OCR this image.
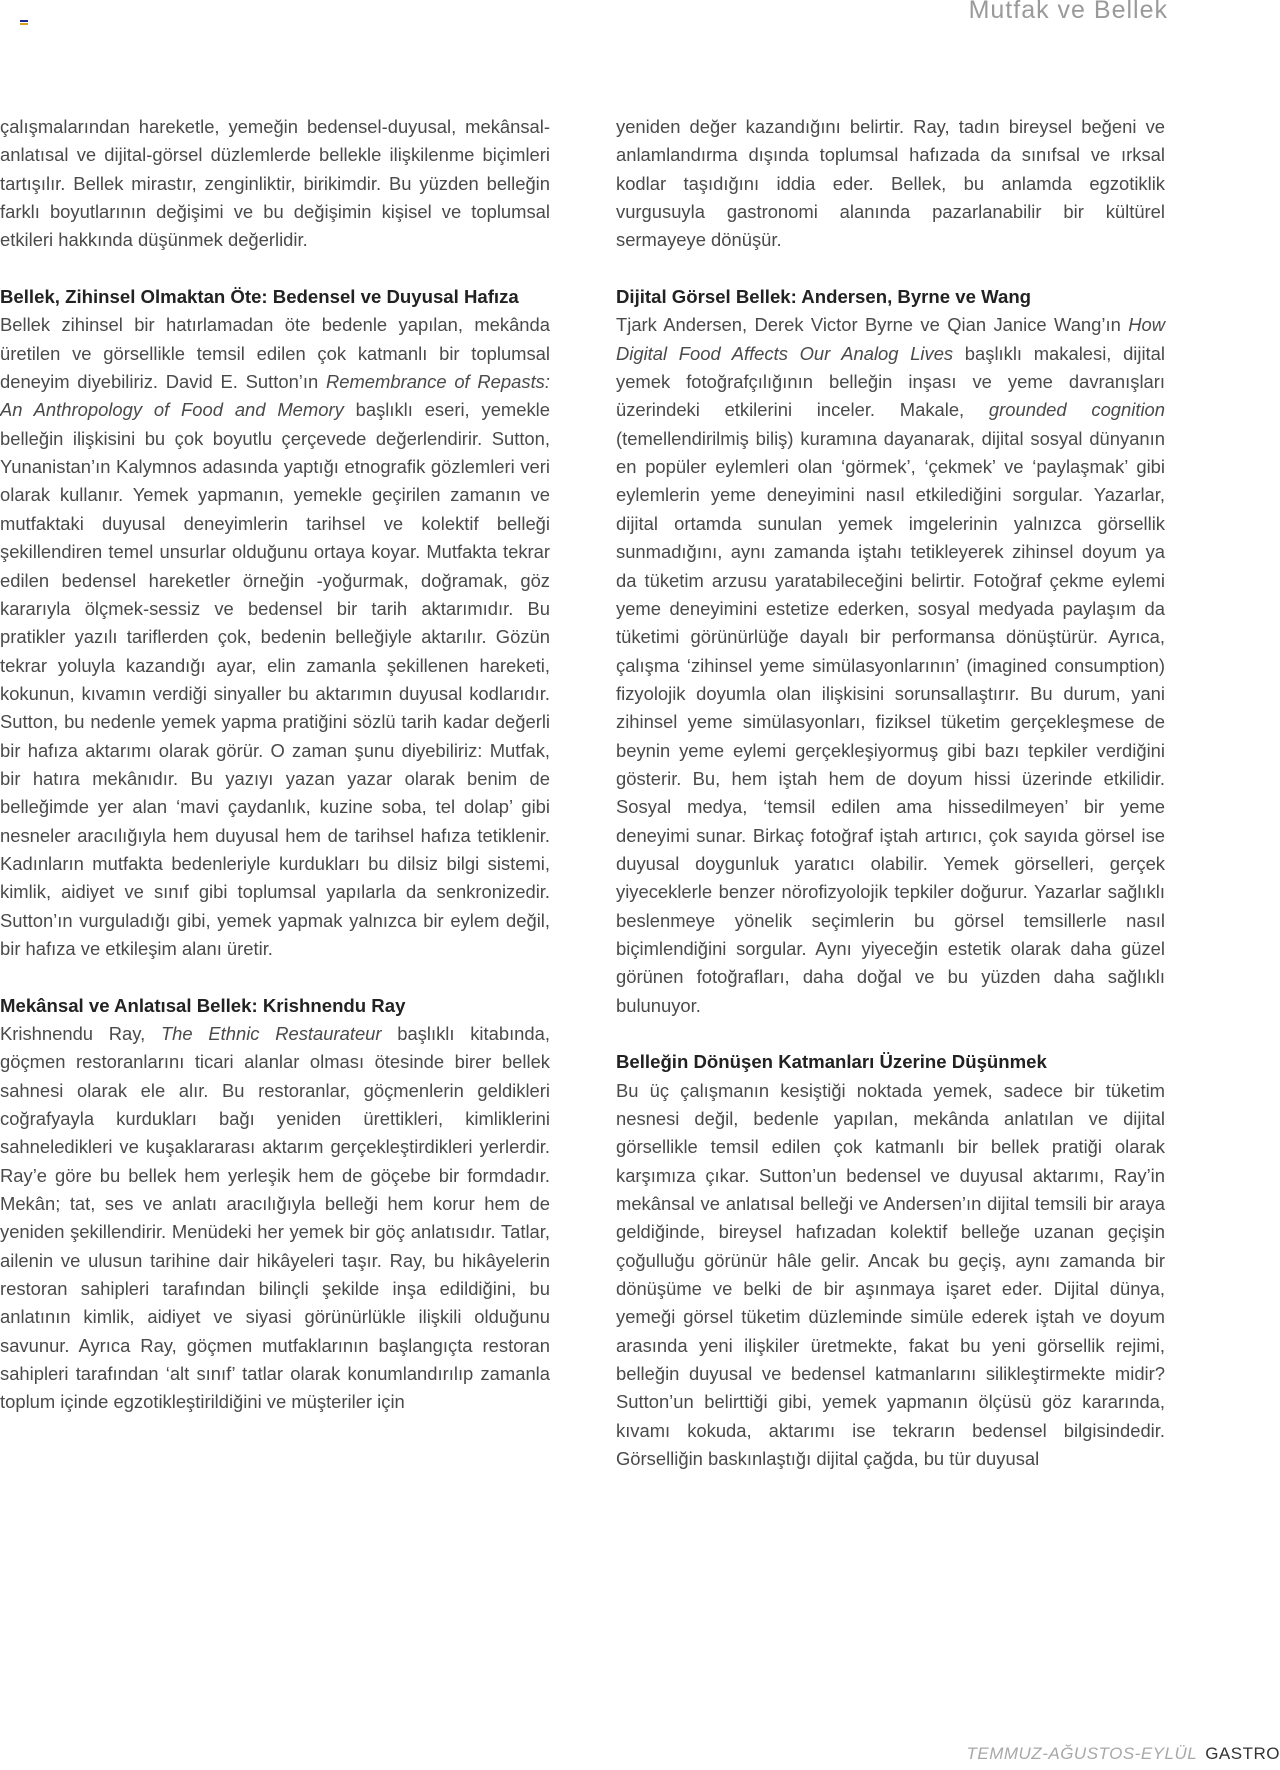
Mutfak ve Bellek

çalışmalarından hareketle, yemeğin bedensel-duyusal, mekânsal-anlatısal ve dijital-görsel düzlemlerde bellekle ilişkilenme biçimleri tartışılır. Bellek mirastır, zenginliktir, birikimdir. Bu yüzden belleğin farklı boyutlarının değişimi ve bu değişimin kişisel ve toplumsal etkileri hakkında düşünmek değerlidir.

Bellek, Zihinsel Olmaktan Öte: Bedensel ve Duyusal Hafıza

Bellek zihinsel bir hatırlamadan öte bedenle yapılan, mekânda üretilen ve görsellikle temsil edilen çok katmanlı bir toplumsal deneyim diyebiliriz. David E. Sutton’ın Remembrance of Repasts: An Anthropology of Food and Memory başlıklı eseri, yemekle belleğin ilişkisini bu çok boyutlu çerçevede değerlendirir. Sutton, Yunanistan’ın Kalymnos adasında yaptığı etnografik gözlemleri veri olarak kullanır. Yemek yapmanın, yemekle geçirilen zamanın ve mutfaktaki duyusal deneyimlerin tarihsel ve kolektif belleği şekillendiren temel unsurlar olduğunu ortaya koyar. Mutfakta tekrar edilen bedensel hareketler örneğin -yoğurmak, doğramak, göz kararıyla ölçmek-sessiz ve bedensel bir tarih aktarımıdır. Bu pratikler yazılı tariflerden çok, bedenin belleğiyle aktarılır. Gözün tekrar yoluyla kazandığı ayar, elin zamanla şekillenen hareketi, kokunun, kıvamın verdiği sinyaller bu aktarımın duyusal kodlarıdır. Sutton, bu nedenle yemek yapma pratiğini sözlü tarih kadar değerli bir hafıza aktarımı olarak görür. O zaman şunu diyebiliriz: Mutfak, bir hatıra mekânıdır. Bu yazıyı yazan yazar olarak benim de belleğimde yer alan ‘mavi çaydanlık, kuzine soba, tel dolap’ gibi nesneler aracılığıyla hem duyusal hem de tarihsel hafıza tetiklenir. Kadınların mutfakta bedenleriyle kurdukları bu dilsiz bilgi sistemi, kimlik, aidiyet ve sınıf gibi toplumsal yapılarla da senkronizedir. Sutton’ın vurguladığı gibi, yemek yapmak yalnızca bir eylem değil, bir hafıza ve etkileşim alanı üretir.

Mekânsal ve Anlatısal Bellek: Krishnendu Ray

Krishnendu Ray, The Ethnic Restaurateur başlıklı kitabında, göçmen restoranlarını ticari alanlar olması ötesinde birer bellek sahnesi olarak ele alır. Bu restoranlar, göçmenlerin geldikleri coğrafyayla kurdukları bağı yeniden ürettikleri, kimliklerini sahneledikleri ve kuşaklararası aktarım gerçekleştirdikleri yerlerdir. Ray’e göre bu bellek hem yerleşik hem de göçebe bir formdadır. Mekân; tat, ses ve anlatı aracılığıyla belleği hem korur hem de yeniden şekillendirir. Menüdeki her yemek bir göç anlatısıdır. Tatlar, ailenin ve ulusun tarihine dair hikâyeleri taşır. Ray, bu hikâyelerin restoran sahipleri tarafından bilinçli şekilde inşa edildiğini, bu anlatının kimlik, aidiyet ve siyasi görünürlükle ilişkili olduğunu savunur. Ayrıca Ray, göçmen mutfaklarının başlangıçta restoran sahipleri tarafından ‘alt sınıf’ tatlar olarak konumlandırılıp zamanla toplum içinde egzotikleştirildiğini ve müşteriler için

yeniden değer kazandığını belirtir. Ray, tadın bireysel beğeni ve anlamlandırma dışında toplumsal hafızada da sınıfsal ve ırksal kodlar taşıdığını iddia eder. Bellek, bu anlamda egzotiklik vurgusuyla gastronomi alanında pazarlanabilir bir kültürel sermayeye dönüşür.

Dijital Görsel Bellek: Andersen, Byrne ve Wang

Tjark Andersen, Derek Victor Byrne ve Qian Janice Wang’ın How Digital Food Affects Our Analog Lives başlıklı makalesi, dijital yemek fotoğrafçılığının belleğin inşası ve yeme davranışları üzerindeki etkilerini inceler. Makale, grounded cognition (temellendirilmiş biliş) kuramına dayanarak, dijital sosyal dünyanın en popüler eylemleri olan ‘görmek’, ‘çekmek’ ve ‘paylaşmak’ gibi eylemlerin yeme deneyimini nasıl etkilediğini sorgular. Yazarlar, dijital ortamda sunulan yemek imgelerinin yalnızca görsellik sunmadığını, aynı zamanda iştahı tetikleyerek zihinsel doyum ya da tüketim arzusu yaratabileceğini belirtir. Fotoğraf çekme eylemi yeme deneyimini estetize ederken, sosyal medyada paylaşım da tüketimi görünürlüğe dayalı bir performansa dönüştürür. Ayrıca, çalışma ‘zihinsel yeme simülasyonlarının’ (imagined consumption) fizyolojik doyumla olan ilişkisini sorunsallaştırır. Bu durum, yani zihinsel yeme simülasyonları, fiziksel tüketim gerçekleşmese de beynin yeme eylemi gerçekleşiyormuş gibi bazı tepkiler verdiğini gösterir. Bu, hem iştah hem de doyum hissi üzerinde etkilidir. Sosyal medya, ‘temsil edilen ama hissedilmeyen’ bir yeme deneyimi sunar. Birkaç fotoğraf iştah artırıcı, çok sayıda görsel ise duyusal doygunluk yaratıcı olabilir. Yemek görselleri, gerçek yiyeceklerle benzer nörofizyolojik tepkiler doğurur. Yazarlar sağlıklı beslenmeye yönelik seçimlerin bu görsel temsillerle nasıl biçimlendiğini sorgular. Aynı yiyeceğin estetik olarak daha güzel görünen fotoğrafları, daha doğal ve bu yüzden daha sağlıklı bulunuyor.

Belleğin Dönüşen Katmanları Üzerine Düşünmek

Bu üç çalışmanın kesiştiği noktada yemek, sadece bir tüketim nesnesi değil, bedenle yapılan, mekânda anlatılan ve dijital görsellikle temsil edilen çok katmanlı bir bellek pratiği olarak karşımıza çıkar. Sutton’un bedensel ve duyusal aktarımı, Ray’in mekânsal ve anlatısal belleği ve Andersen’ın dijital temsili bir araya geldiğinde, bireysel hafızadan kolektif belleğe uzanan geçişin çoğulluğu görünür hâle gelir. Ancak bu geçiş, aynı zamanda bir dönüşüme ve belki de bir aşınmaya işaret eder. Dijital dünya, yemeği görsel tüketim düzleminde simüle ederek iştah ve doyum arasında yeni ilişkiler üretmekte, fakat bu yeni görsellik rejimi, belleğin duyusal ve bedensel katmanlarını silikleştirmekte midir? Sutton’un belirttiği gibi, yemek yapmanın ölçüsü göz kararında, kıvamı kokuda, aktarımı ise tekrarın bedensel bilgisindedir. Görselliğin baskınlaştığı dijital çağda, bu tür duyusal

TEMMUZ-AĞUSTOS-EYLÜL GASTRO
